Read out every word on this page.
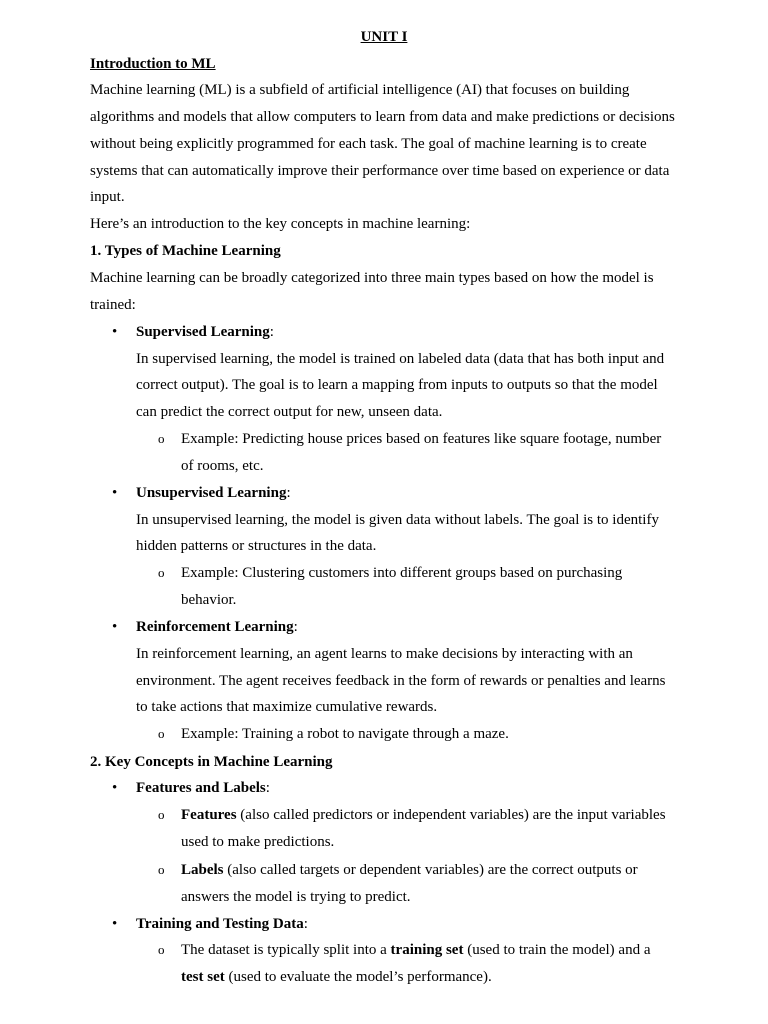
UNIT I
Introduction to ML
Machine learning (ML) is a subfield of artificial intelligence (AI) that focuses on building
algorithms and models that allow computers to learn from data and make predictions or decisions
without being explicitly programmed for each task. The goal of machine learning is to create
systems that can automatically improve their performance over time based on experience or data
input.
Here’s an introduction to the key concepts in machine learning:
1. Types of Machine Learning
Machine learning can be broadly categorized into three main types based on how the model is
trained:
•
Supervised Learning:
In supervised learning, the model is trained on labeled data (data that has both input and
correct output). The goal is to learn a mapping from inputs to outputs so that the model
can predict the correct output for new, unseen data.
o Example: Predicting house prices based on features like square footage, number
of rooms, etc.
•
Unsupervised Learning:
In unsupervised learning, the model is given data without labels. The goal is to identify
hidden patterns or structures in the data.
o Example: Clustering customers into different groups based on purchasing
behavior.
•
Reinforcement Learning:
In reinforcement learning, an agent learns to make decisions by interacting with an
environment. The agent receives feedback in the form of rewards or penalties and learns
to take actions that maximize cumulative rewards.
o Example: Training a robot to navigate through a maze.
2. Key Concepts in Machine Learning
•
Features and Labels:
o Features (also called predictors or independent variables) are the input variables
used to make predictions.
o Labels (also called targets or dependent variables) are the correct outputs or
answers the model is trying to predict.
•
Training and Testing Data:
o The dataset is typically split into a training set (used to train the model) and a
test set (used to evaluate the model’s performance).
